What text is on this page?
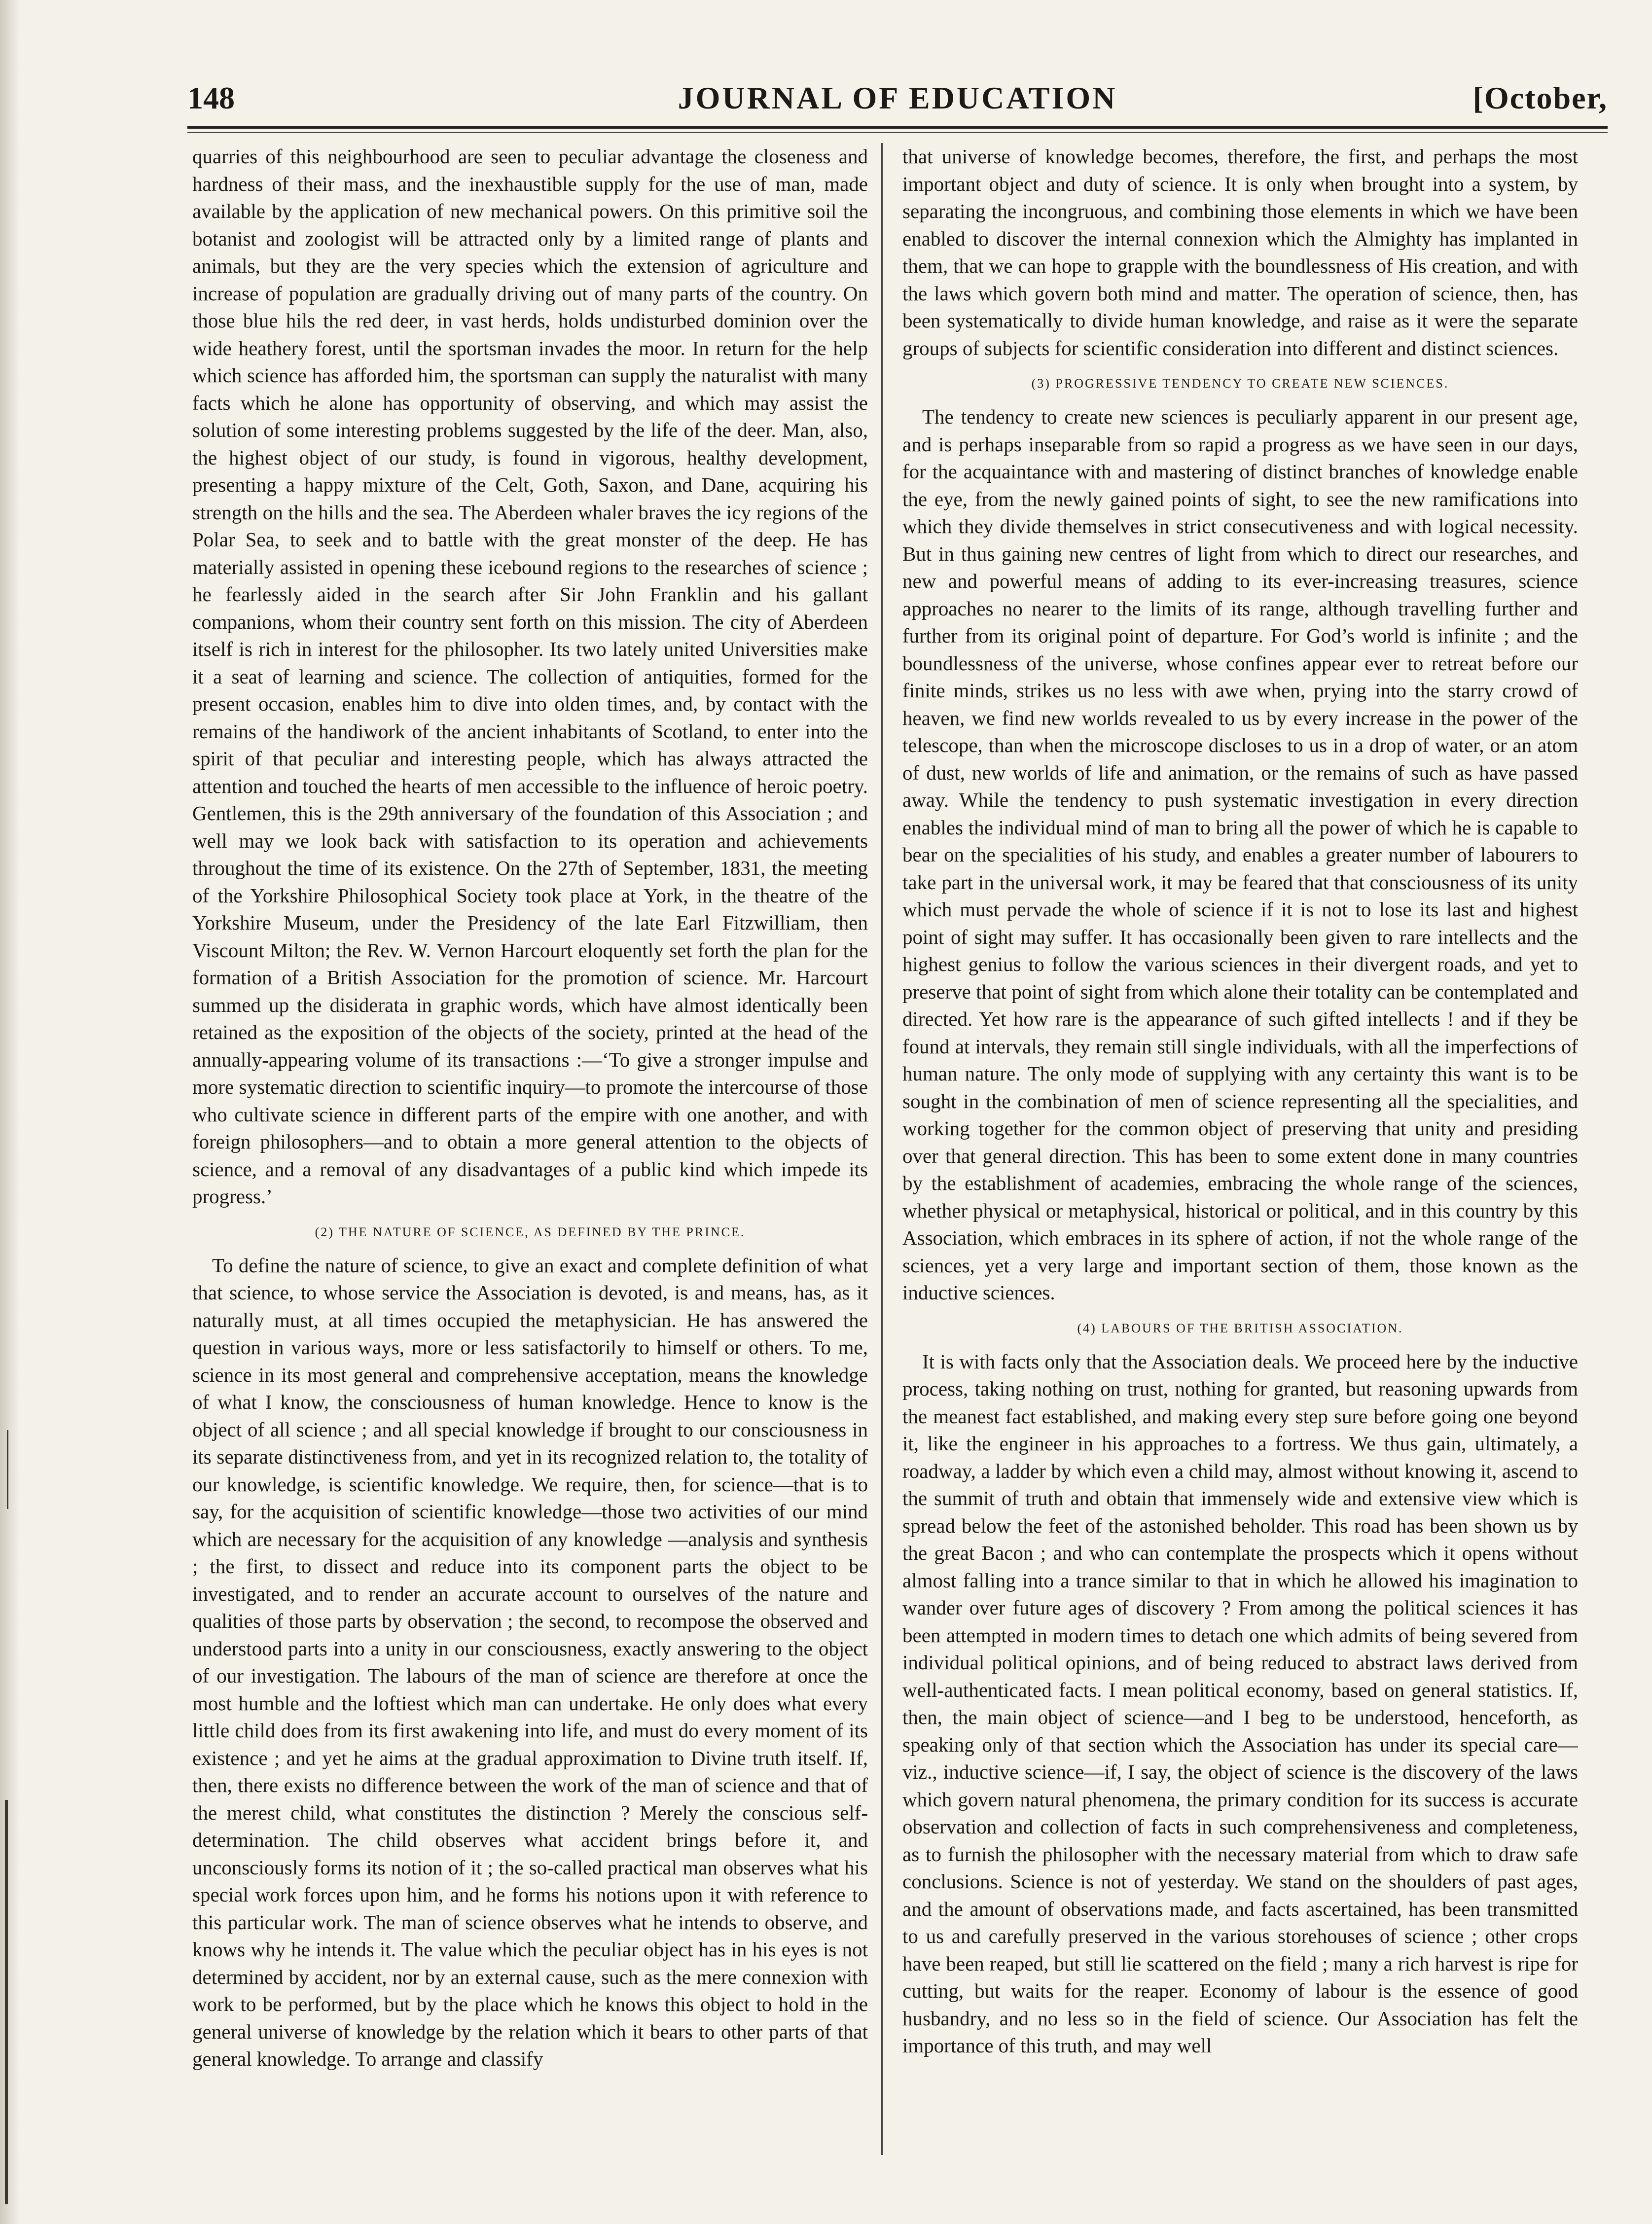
148	JOURNAL OF EDUCATION	[October,

quarries of this neighbourhood are seen to peculiar advantage the closeness and hardness of their mass, and the inexhaustible supply for the use of man, made available by the application of new mechanical powers. On this primitive soil the botanist and zoologist will be attracted only by a limited range of plants and animals, but they are the very species which the extension of agriculture and increase of population are gradually driving out of many parts of the country. On those blue hils the red deer, in vast herds, holds undisturbed dominion over the wide heathery forest, until the sportsman invades the moor. In return for the help which science has afforded him, the sportsman can supply the naturalist with many facts which he alone has opportunity of observing, and which may assist the solution of some interesting problems suggested by the life of the deer. Man, also, the highest object of our study, is found in vigorous, healthy development, presenting a happy mixture of the Celt, Goth, Saxon, and Dane, acquiring his strength on the hills and the sea. The Aberdeen whaler braves the icy regions of the Polar Sea, to seek and to battle with the great monster of the deep. He has materially assisted in opening these icebound regions to the researches of science ; he fearlessly aided in the search after Sir John Franklin and his gallant companions, whom their country sent forth on this mission. The city of Aberdeen itself is rich in interest for the philosopher. Its two lately united Universities make it a seat of learning and science. The collection of antiquities, formed for the present occasion, enables him to dive into olden times, and, by contact with the remains of the handiwork of the ancient inhabitants of Scotland, to enter into the spirit of that peculiar and interesting people, which has always attracted the attention and touched the hearts of men accessible to the influence of heroic poetry. Gentlemen, this is the 29th anniversary of the foundation of this Association ; and well may we look back with satisfaction to its operation and achievements throughout the time of its existence. On the 27th of September, 1831, the meeting of the Yorkshire Philosophical Society took place at York, in the theatre of the Yorkshire Museum, under the Presidency of the late Earl Fitzwilliam, then Viscount Milton; the Rev. W. Vernon Harcourt eloquently set forth the plan for the formation of a British Association for the promotion of science. Mr. Harcourt summed up the disiderata in graphic words, which have almost identically been retained as the exposition of the objects of the society, printed at the head of the annually-appearing volume of its transactions :—‘To give a stronger impulse and more systematic direction to scientific inquiry—to promote the intercourse of those who cultivate science in different parts of the empire with one another, and with foreign philosophers—and to obtain a more general attention to the objects of science, and a removal of any disadvantages of a public kind which impede its progress.’

(2) THE NATURE OF SCIENCE, AS DEFINED BY THE PRINCE.

To define the nature of science, to give an exact and complete definition of what that science, to whose service the Association is devoted, is and means, has, as it naturally must, at all times occupied the metaphysician. He has answered the question in various ways, more or less satisfactorily to himself or others. To me, science in its most general and comprehensive acceptation, means the knowledge of what I know, the consciousness of human knowledge. Hence to know is the object of all science ; and all special knowledge if brought to our consciousness in its separate distinctiveness from, and yet in its recognized relation to, the totality of our knowledge, is scientific knowledge. We require, then, for science—that is to say, for the acquisition of scientific knowledge—those two activities of our mind which are necessary for the acquisition of any knowledge —analysis and synthesis ; the first, to dissect and reduce into its component parts the object to be investigated, and to render an accurate account to ourselves of the nature and qualities of those parts by observation ; the second, to recompose the observed and understood parts into a unity in our consciousness, exactly answering to the object of our investigation. The labours of the man of science are therefore at once the most humble and the loftiest which man can undertake. He only does what every little child does from its first awakening into life, and must do every moment of its existence ; and yet he aims at the gradual approximation to Divine truth itself. If, then, there exists no difference between the work of the man of science and that of the merest child, what constitutes the distinction ? Merely the conscious self-determination. The child observes what accident brings before it, and unconsciously forms its notion of it ; the so-called practical man observes what his special work forces upon him, and he forms his notions upon it with reference to this particular work. The man of science observes what he intends to observe, and knows why he intends it. The value which the peculiar object has in his eyes is not determined by accident, nor by an external cause, such as the mere connexion with work to be performed, but by the place which he knows this object to hold in the general universe of knowledge by the relation which it bears to other parts of that general knowledge. To arrange and classify

that universe of knowledge becomes, therefore, the first, and perhaps the most important object and duty of science. It is only when brought into a system, by separating the incongruous, and combining those elements in which we have been enabled to discover the internal connexion which the Almighty has implanted in them, that we can hope to grapple with the boundlessness of His creation, and with the laws which govern both mind and matter. The operation of science, then, has been systematically to divide human knowledge, and raise as it were the separate groups of subjects for scientific consideration into different and distinct sciences.

(3) PROGRESSIVE TENDENCY TO CREATE NEW SCIENCES.

The tendency to create new sciences is peculiarly apparent in our present age, and is perhaps inseparable from so rapid a progress as we have seen in our days, for the acquaintance with and mastering of distinct branches of knowledge enable the eye, from the newly gained points of sight, to see the new ramifications into which they divide themselves in strict consecutiveness and with logical necessity. But in thus gaining new centres of light from which to direct our researches, and new and powerful means of adding to its ever-increasing treasures, science approaches no nearer to the limits of its range, although travelling further and further from its original point of departure. For God’s world is infinite ; and the boundlessness of the universe, whose confines appear ever to retreat before our finite minds, strikes us no less with awe when, prying into the starry crowd of heaven, we find new worlds revealed to us by every increase in the power of the telescope, than when the microscope discloses to us in a drop of water, or an atom of dust, new worlds of life and animation, or the remains of such as have passed away. While the tendency to push systematic investigation in every direction enables the individual mind of man to bring all the power of which he is capable to bear on the specialities of his study, and enables a greater number of labourers to take part in the universal work, it may be feared that that consciousness of its unity which must pervade the whole of science if it is not to lose its last and highest point of sight may suffer. It has occasionally been given to rare intellects and the highest genius to follow the various sciences in their divergent roads, and yet to preserve that point of sight from which alone their totality can be contemplated and directed. Yet how rare is the appearance of such gifted intellects ! and if they be found at intervals, they remain still single individuals, with all the imperfections of human nature. The only mode of supplying with any certainty this want is to be sought in the combination of men of science representing all the specialities, and working together for the common object of preserving that unity and presiding over that general direction. This has been to some extent done in many countries by the establishment of academies, embracing the whole range of the sciences, whether physical or metaphysical, historical or political, and in this country by this Association, which embraces in its sphere of action, if not the whole range of the sciences, yet a very large and important section of them, those known as the inductive sciences.

(4) LABOURS OF THE BRITISH ASSOCIATION.

It is with facts only that the Association deals. We proceed here by the inductive process, taking nothing on trust, nothing for granted, but reasoning upwards from the meanest fact established, and making every step sure before going one beyond it, like the engineer in his approaches to a fortress. We thus gain, ultimately, a roadway, a ladder by which even a child may, almost without knowing it, ascend to the summit of truth and obtain that immensely wide and extensive view which is spread below the feet of the astonished beholder. This road has been shown us by the great Bacon ; and who can contemplate the prospects which it opens without almost falling into a trance similar to that in which he allowed his imagination to wander over future ages of discovery ? From among the political sciences it has been attempted in modern times to detach one which admits of being severed from individual political opinions, and of being reduced to abstract laws derived from well-authenticated facts. I mean political economy, based on general statistics. If, then, the main object of science—and I beg to be understood, henceforth, as speaking only of that section which the Association has under its special care—viz., inductive science—if, I say, the object of science is the discovery of the laws which govern natural phenomena, the primary condition for its success is accurate observation and collection of facts in such comprehensiveness and completeness, as to furnish the philosopher with the necessary material from which to draw safe conclusions. Science is not of yesterday. We stand on the shoulders of past ages, and the amount of observations made, and facts ascertained, has been transmitted to us and carefully preserved in the various storehouses of science ; other crops have been reaped, but still lie scattered on the field ; many a rich harvest is ripe for cutting, but waits for the reaper. Economy of labour is the essence of good husbandry, and no less so in the field of science. Our Association has felt the importance of this truth, and may well
